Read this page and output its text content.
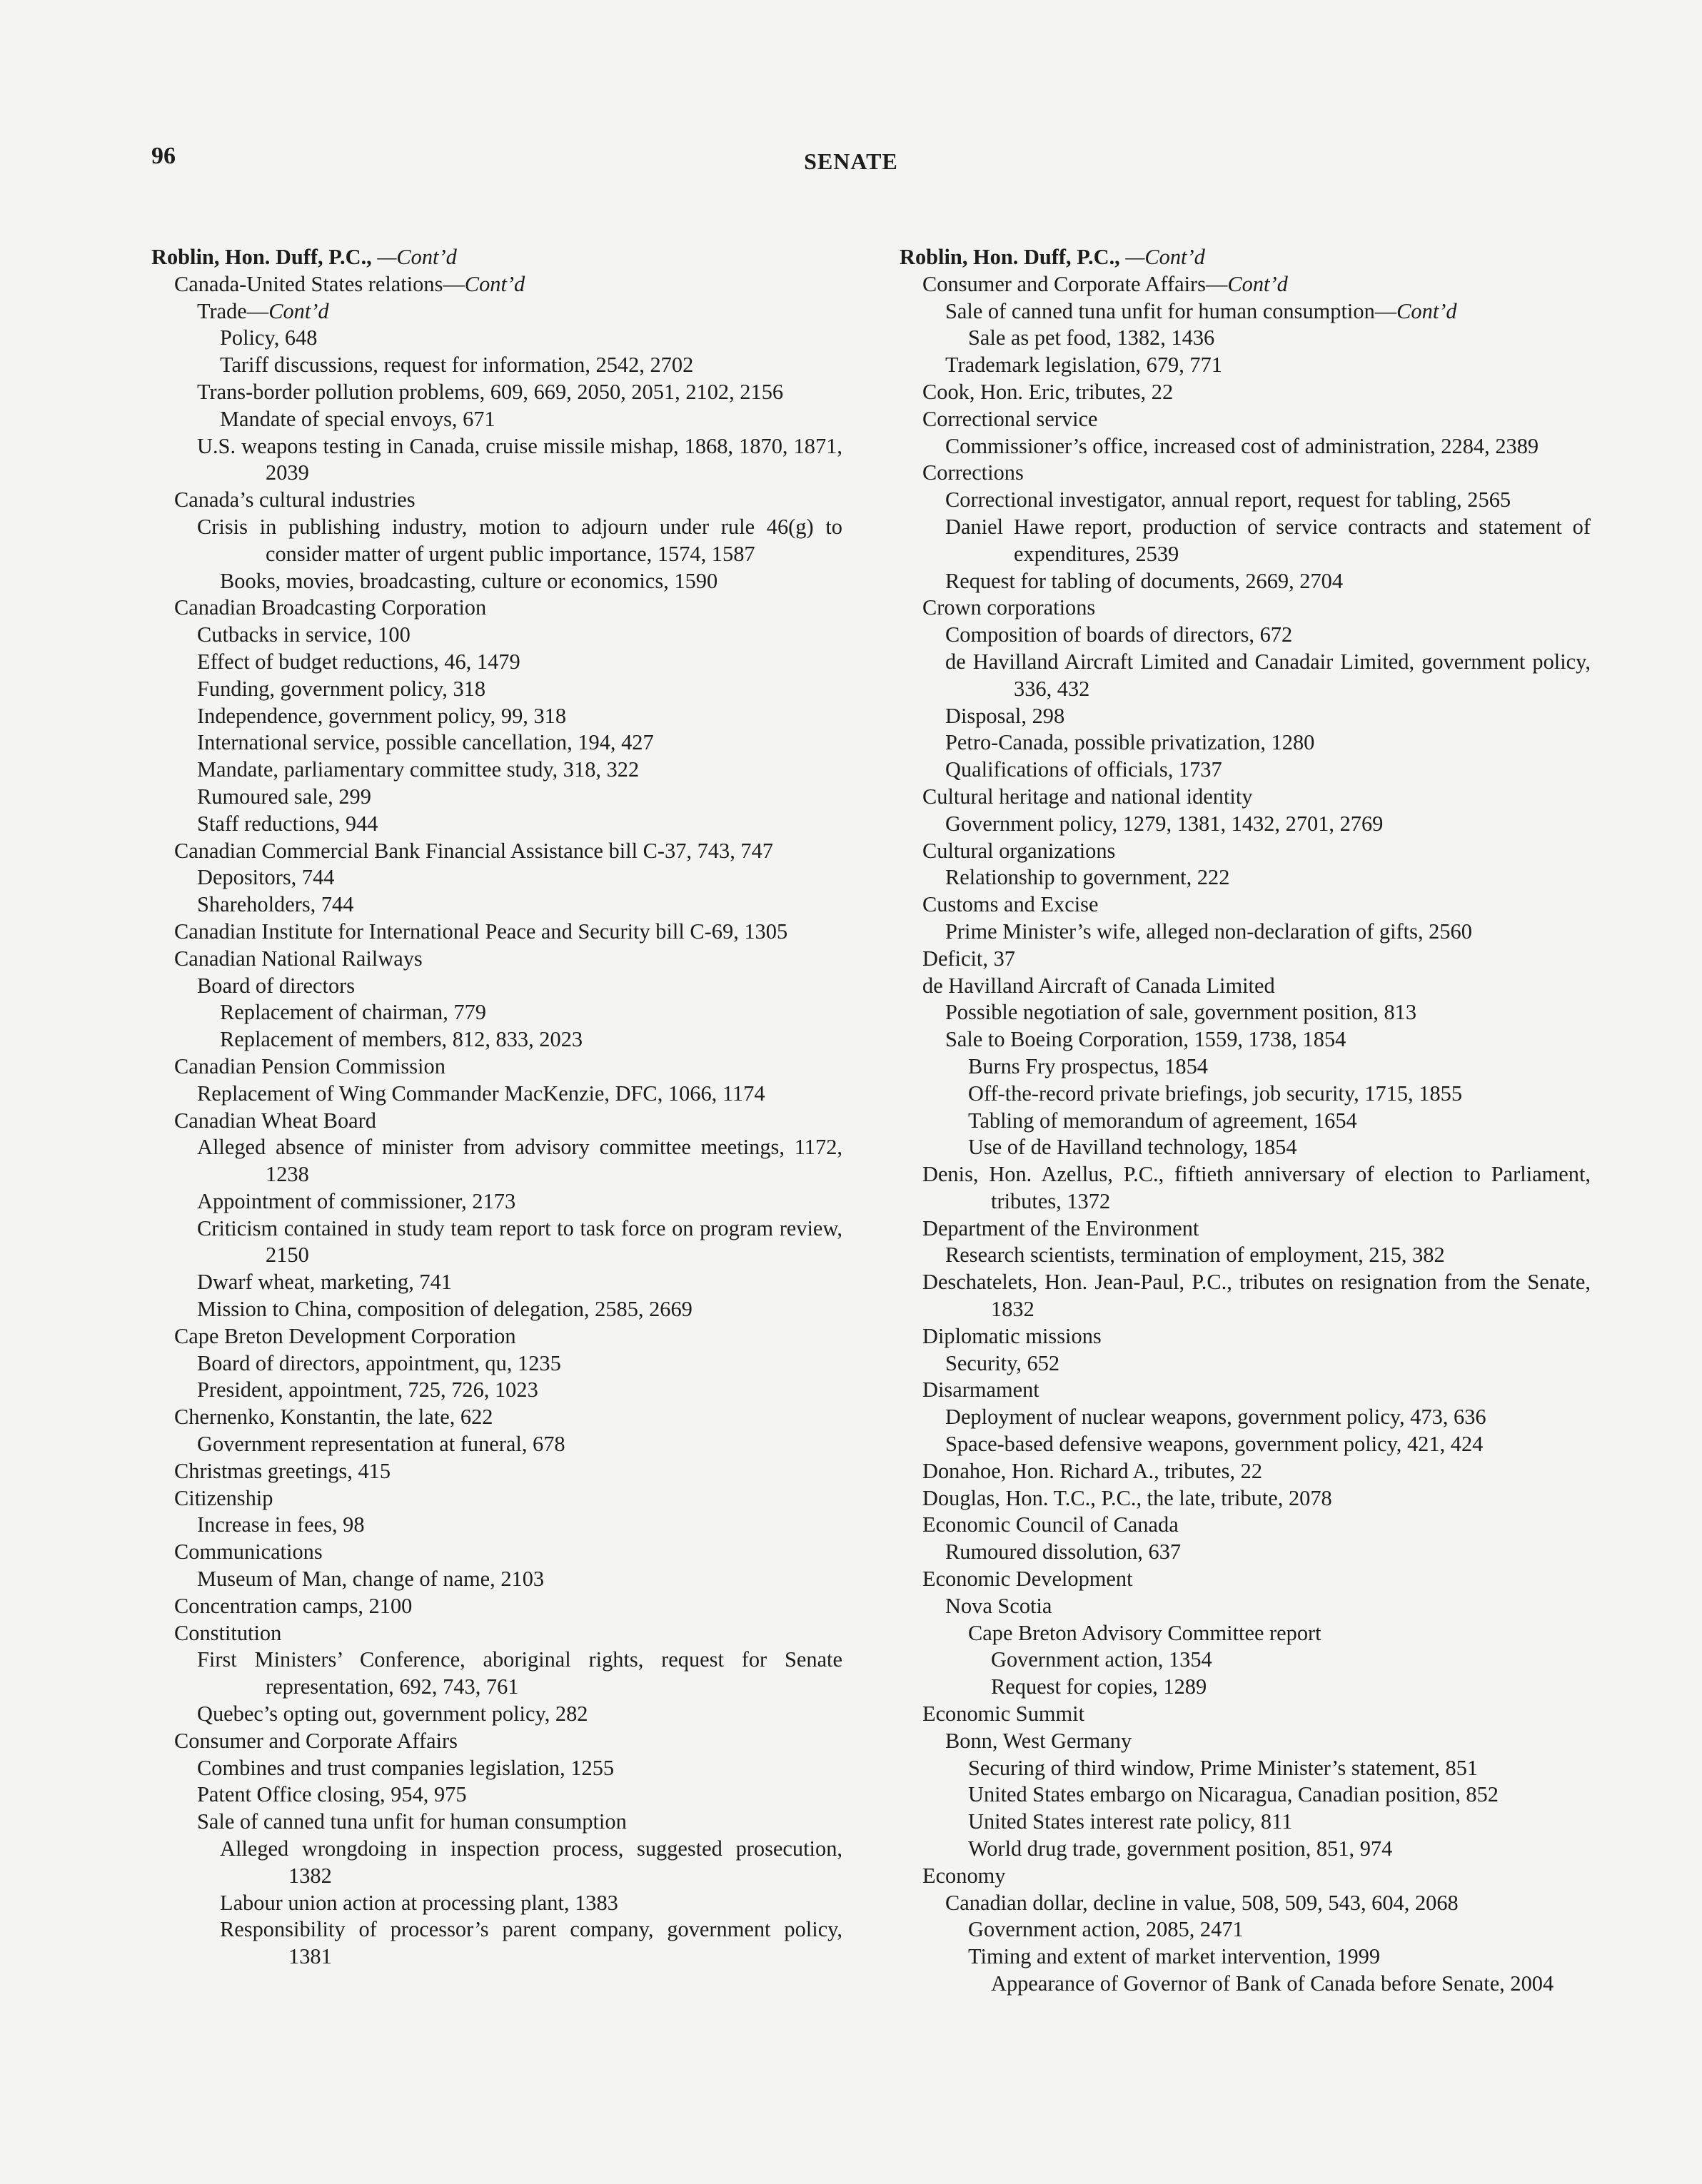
96	SENATE
Roblin, Hon. Duff, P.C., —Cont’d
Canada-United States relations—Cont’d
Trade—Cont’d
Policy, 648
Tariff discussions, request for information, 2542, 2702
Trans-border pollution problems, 609, 669, 2050, 2051, 2102, 2156
Mandate of special envoys, 671
U.S. weapons testing in Canada, cruise missile mishap, 1868, 1870, 1871, 2039
Canada’s cultural industries
Crisis in publishing industry, motion to adjourn under rule 46(g) to consider matter of urgent public importance, 1574, 1587
Books, movies, broadcasting, culture or economics, 1590
Canadian Broadcasting Corporation
Cutbacks in service, 100
Effect of budget reductions, 46, 1479
Funding, government policy, 318
Independence, government policy, 99, 318
International service, possible cancellation, 194, 427
Mandate, parliamentary committee study, 318, 322
Rumoured sale, 299
Staff reductions, 944
Canadian Commercial Bank Financial Assistance bill C-37, 743, 747
Depositors, 744
Shareholders, 744
Canadian Institute for International Peace and Security bill C-69, 1305
Canadian National Railways
Board of directors
Replacement of chairman, 779
Replacement of members, 812, 833, 2023
Canadian Pension Commission
Replacement of Wing Commander MacKenzie, DFC, 1066, 1174
Canadian Wheat Board
Alleged absence of minister from advisory committee meetings, 1172, 1238
Appointment of commissioner, 2173
Criticism contained in study team report to task force on program review, 2150
Dwarf wheat, marketing, 741
Mission to China, composition of delegation, 2585, 2669
Cape Breton Development Corporation
Board of directors, appointment, qu, 1235
President, appointment, 725, 726, 1023
Chernenko, Konstantin, the late, 622
Government representation at funeral, 678
Christmas greetings, 415
Citizenship
Increase in fees, 98
Communications
Museum of Man, change of name, 2103
Concentration camps, 2100
Constitution
First Ministers’ Conference, aboriginal rights, request for Senate representation, 692, 743, 761
Quebec’s opting out, government policy, 282
Consumer and Corporate Affairs
Combines and trust companies legislation, 1255
Patent Office closing, 954, 975
Sale of canned tuna unfit for human consumption
Alleged wrongdoing in inspection process, suggested prosecution, 1382
Labour union action at processing plant, 1383
Responsibility of processor’s parent company, government policy, 1381
Roblin, Hon. Duff, P.C., —Cont’d
Consumer and Corporate Affairs—Cont’d
Sale of canned tuna unfit for human consumption—Cont’d
Sale as pet food, 1382, 1436
Trademark legislation, 679, 771
Cook, Hon. Eric, tributes, 22
Correctional service
Commissioner’s office, increased cost of administration, 2284, 2389
Corrections
Correctional investigator, annual report, request for tabling, 2565
Daniel Hawe report, production of service contracts and statement of expenditures, 2539
Request for tabling of documents, 2669, 2704
Crown corporations
Composition of boards of directors, 672
de Havilland Aircraft Limited and Canadair Limited, government policy, 336, 432
Disposal, 298
Petro-Canada, possible privatization, 1280
Qualifications of officials, 1737
Cultural heritage and national identity
Government policy, 1279, 1381, 1432, 2701, 2769
Cultural organizations
Relationship to government, 222
Customs and Excise
Prime Minister’s wife, alleged non-declaration of gifts, 2560
Deficit, 37
de Havilland Aircraft of Canada Limited
Possible negotiation of sale, government position, 813
Sale to Boeing Corporation, 1559, 1738, 1854
Burns Fry prospectus, 1854
Off-the-record private briefings, job security, 1715, 1855
Tabling of memorandum of agreement, 1654
Use of de Havilland technology, 1854
Denis, Hon. Azellus, P.C., fiftieth anniversary of election to Parliament, tributes, 1372
Department of the Environment
Research scientists, termination of employment, 215, 382
Deschatelets, Hon. Jean-Paul, P.C., tributes on resignation from the Senate, 1832
Diplomatic missions
Security, 652
Disarmament
Deployment of nuclear weapons, government policy, 473, 636
Space-based defensive weapons, government policy, 421, 424
Donahoe, Hon. Richard A., tributes, 22
Douglas, Hon. T.C., P.C., the late, tribute, 2078
Economic Council of Canada
Rumoured dissolution, 637
Economic Development
Nova Scotia
Cape Breton Advisory Committee report
Government action, 1354
Request for copies, 1289
Economic Summit
Bonn, West Germany
Securing of third window, Prime Minister’s statement, 851
United States embargo on Nicaragua, Canadian position, 852
United States interest rate policy, 811
World drug trade, government position, 851, 974
Economy
Canadian dollar, decline in value, 508, 509, 543, 604, 2068
Government action, 2085, 2471
Timing and extent of market intervention, 1999
Appearance of Governor of Bank of Canada before Senate, 2004
